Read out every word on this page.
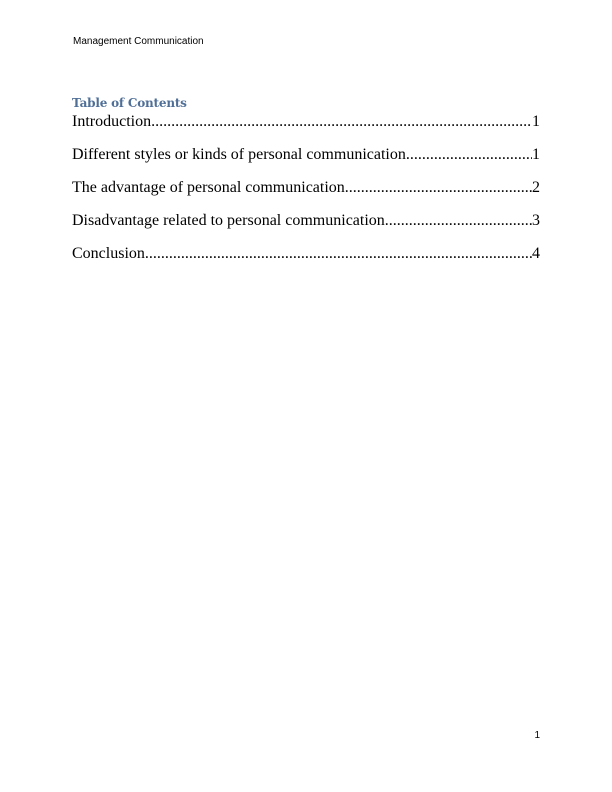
Management Communication
Table of Contents
Introduction .....	1
Different styles or kinds of personal communication .....	1
The advantage of personal communication .....	2
Disadvantage related to personal communication .....	3
Conclusion .....	4
1
